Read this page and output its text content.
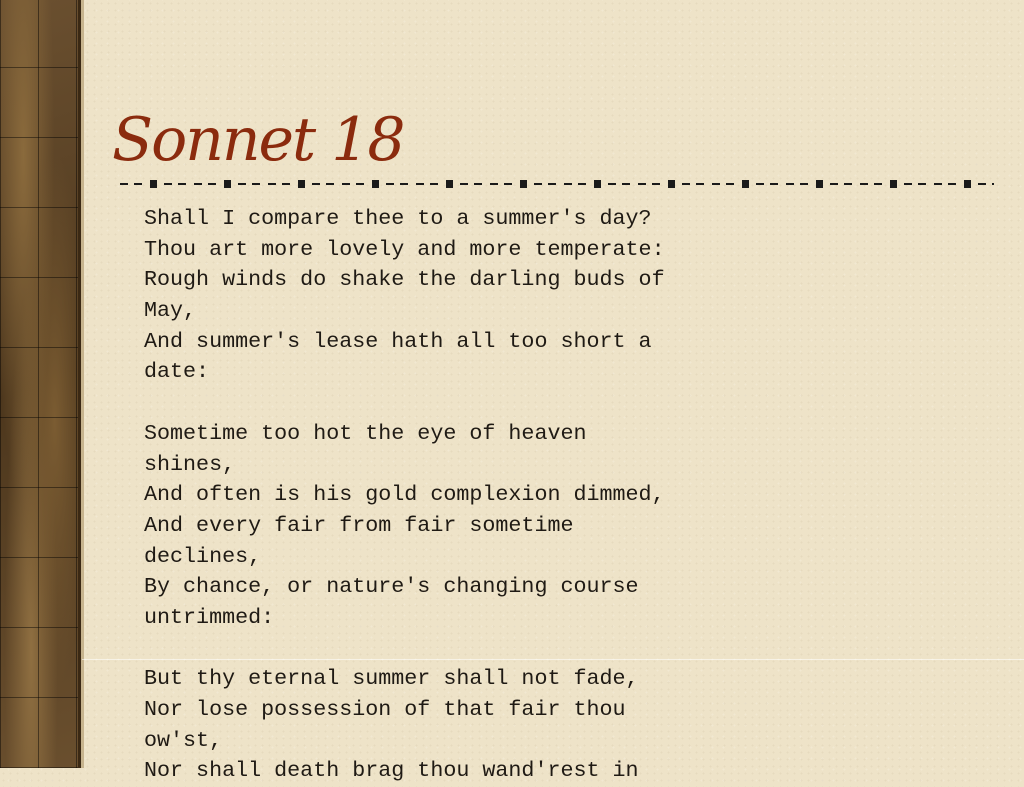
Sonnet 18
Shall I compare thee to a summer's day?
Thou art more lovely and more temperate:
Rough winds do shake the darling buds of
May,
And summer's lease hath all too short a
date:
Sometime too hot the eye of heaven
shines,
And often is his gold complexion dimmed,
And every fair from fair sometime
declines,
By chance, or nature's changing course
untrimmed:
But thy eternal summer shall not fade,
Nor lose possession of that fair thou
ow'st,
Nor shall death brag thou wand'rest in
